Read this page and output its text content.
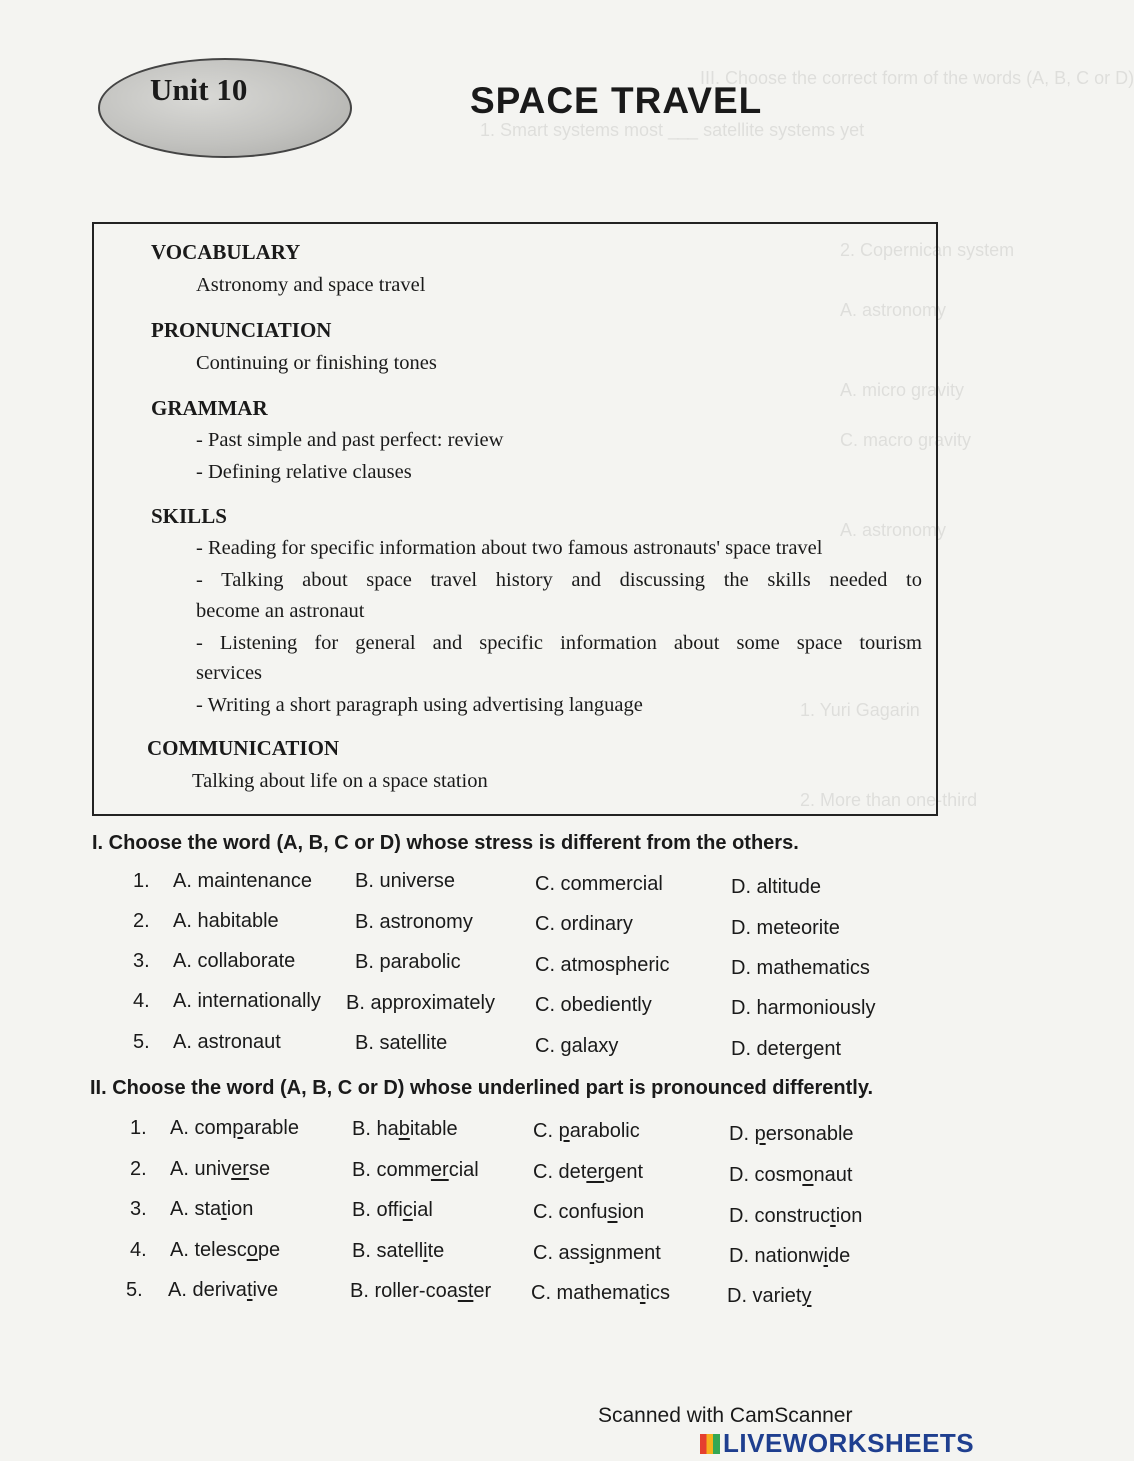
III. Choose the correct form of the words (A, B, C or D)
1. Smart systems most ___ satellite systems yet
2. Copernican system
A. astronomy
A. micro gravity
C. macro gravity
A. astronomy
1. Yuri Gagarin
2. More than one-third
Unit 10	SPACE TRAVEL
VOCABULARY
Astronomy and space travel
PRONUNCIATION
Continuing or finishing tones
GRAMMAR
- Past simple and past perfect: review
- Defining relative clauses
SKILLS
- Reading for specific information about two famous astronauts' space travel
- Talking about space travel history and discussing the skills needed to
become an astronaut
- Listening for general and specific information about some space tourism
services
- Writing a short paragraph using advertising language
COMMUNICATION
Talking about life on a space station
I. Choose the word (A, B, C or D) whose stress is different from the others.
1. A. maintenance B. universe	C. commercial	D. altitude
2. A. habitable	B. astronomy	C. ordinary	D. meteorite
3. A. collaborate	B. parabolic	C. atmospheric	D. mathematics
4. A. internationally B. approximately C. obediently	D. harmoniously
5. A. astronaut	B. satellite	C. galaxy	D. detergent
II. Choose the word (A, B, C or D) whose underlined part is pronounced differently.
1. A. comparable	B. habitable	C. parabolic	D. personable
2. A. universe	B. commercial	C. detergent	D. cosmonaut
3. A. station	B. official	C. confusion	D. construction
4. A. telescope	B. satellite	C. assignment	D. nationwide
5. A. derivative	B. roller-coaster C. mathematics	D. variety
Scanned with CamScanner
LIVEWORKSHEETS
